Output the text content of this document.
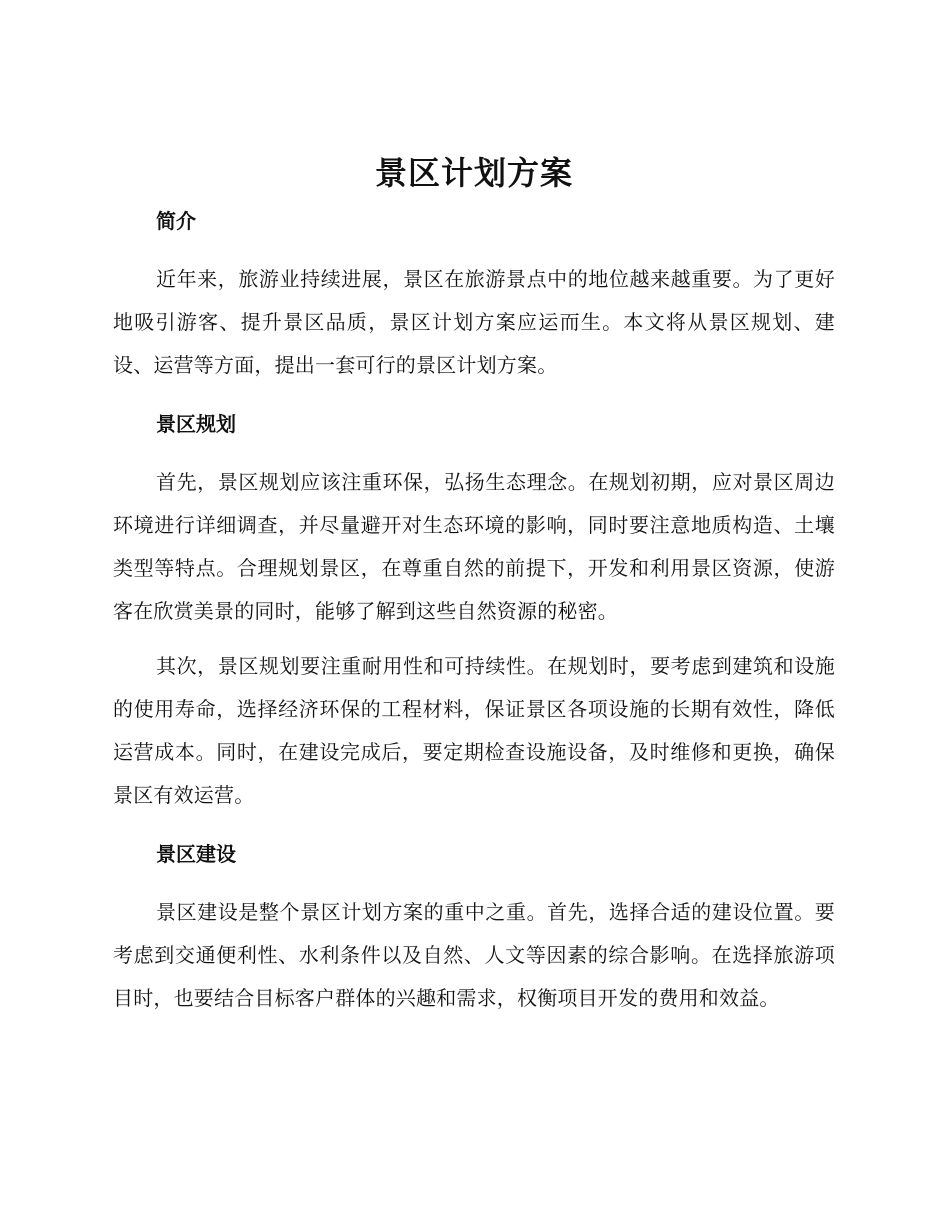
景区计划方案
简介

近年来，旅游业持续进展，景区在旅游景点中的地位越来越重要。为了更好地吸引游客、提升景区品质，景区计划方案应运而生。本文将从景区规划、建设、运营等方面，提出一套可行的景区计划方案。

景区规划

首先，景区规划应该注重环保，弘扬生态理念。在规划初期，应对景区周边环境进行详细调查，并尽量避开对生态环境的影响，同时要注意地质构造、土壤类型等特点。合理规划景区，在尊重自然的前提下，开发和利用景区资源，使游客在欣赏美景的同时，能够了解到这些自然资源的秘密。

其次，景区规划要注重耐用性和可持续性。在规划时，要考虑到建筑和设施的使用寿命，选择经济环保的工程材料，保证景区各项设施的长期有效性，降低运营成本。同时，在建设完成后，要定期检查设施设备，及时维修和更换，确保景区有效运营。

景区建设

景区建设是整个景区计划方案的重中之重。首先，选择合适的建设位置。要考虑到交通便利性、水利条件以及自然、人文等因素的综合影响。在选择旅游项目时，也要结合目标客户群体的兴趣和需求，权衡项目开发的费用和效益。
